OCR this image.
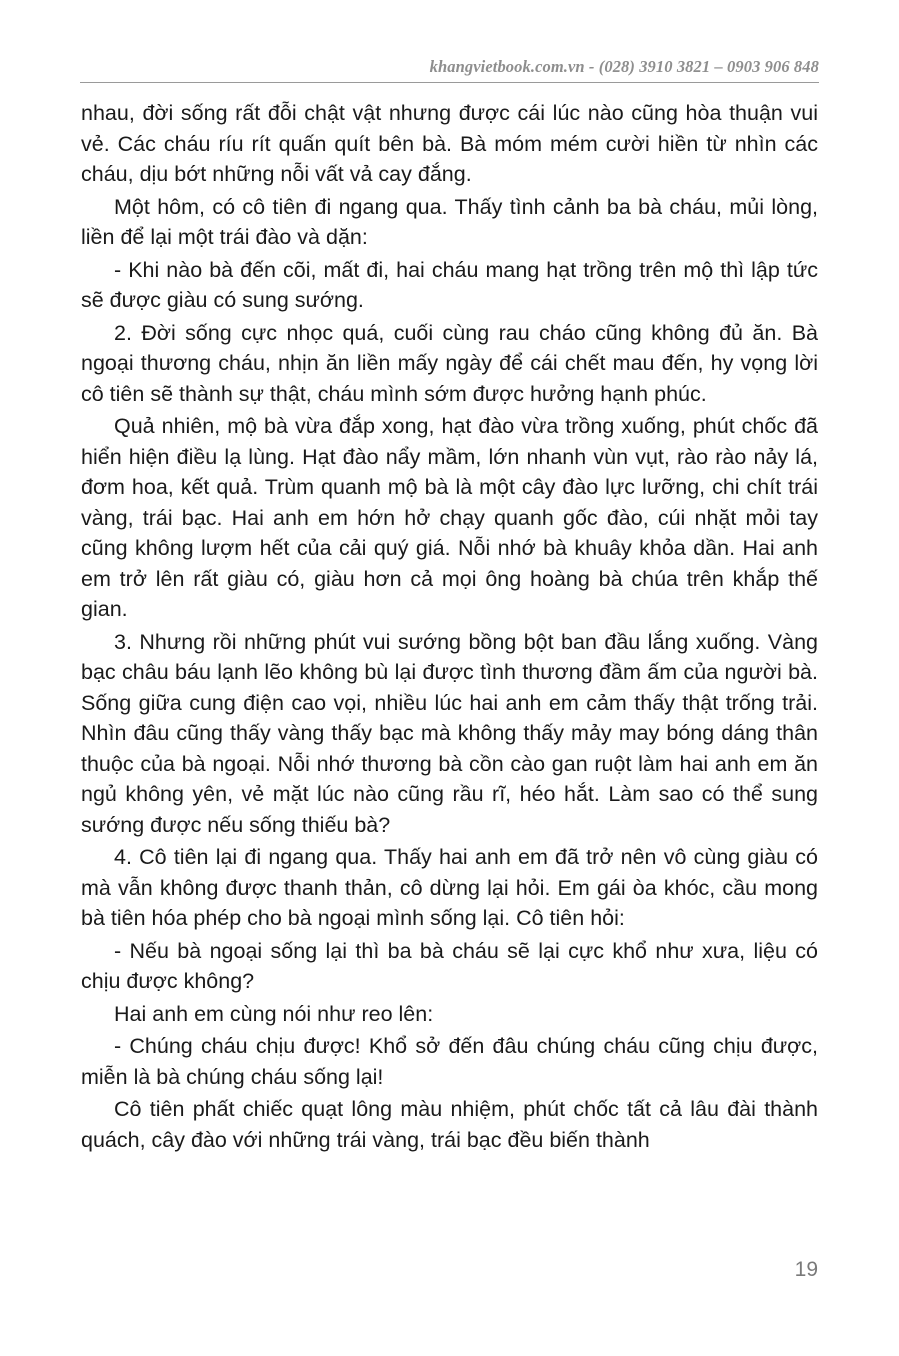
khangvietbook.com.vn - (028) 3910 3821 – 0903 906 848

nhau, đời sống rất đỗi chật vật nhưng được cái lúc nào cũng hòa thuận vui vẻ. Các cháu ríu rít quấn quít bên bà. Bà móm mém cười hiền từ nhìn các cháu, dịu bớt những nỗi vất vả cay đắng.

Một hôm, có cô tiên đi ngang qua. Thấy tình cảnh ba bà cháu, mủi lòng, liền để lại một trái đào và dặn:

- Khi nào bà đến cõi, mất đi, hai cháu mang hạt trồng trên mộ thì lập tức sẽ được giàu có sung sướng.

2. Đời sống cực nhọc quá, cuối cùng rau cháo cũng không đủ ăn. Bà ngoại thương cháu, nhịn ăn liền mấy ngày để cái chết mau đến, hy vọng lời cô tiên sẽ thành sự thật, cháu mình sớm được hưởng hạnh phúc.

Quả nhiên, mộ bà vừa đắp xong, hạt đào vừa trồng xuống, phút chốc đã hiển hiện điều lạ lùng. Hạt đào nẩy mầm, lớn nhanh vùn vụt, rào rào nảy lá, đơm hoa, kết quả. Trùm quanh mộ bà là một cây đào lực lưỡng, chi chít trái vàng, trái bạc. Hai anh em hớn hở chạy quanh gốc đào, cúi nhặt mỏi tay cũng không lượm hết của cải quý giá. Nỗi nhớ bà khuây khỏa dần. Hai anh em trở lên rất giàu có, giàu hơn cả mọi ông hoàng bà chúa trên khắp thế gian.

3. Nhưng rồi những phút vui sướng bồng bột ban đầu lắng xuống. Vàng bạc châu báu lạnh lẽo không bù lại được tình thương đầm ấm của người bà. Sống giữa cung điện cao vọi, nhiều lúc hai anh em cảm thấy thật trống trải. Nhìn đâu cũng thấy vàng thấy bạc mà không thấy mảy may bóng dáng thân thuộc của bà ngoại. Nỗi nhớ thương bà cồn cào gan ruột làm hai anh em ăn ngủ không yên, vẻ mặt lúc nào cũng rầu rĩ, héo hắt. Làm sao có thể sung sướng được nếu sống thiếu bà?

4. Cô tiên lại đi ngang qua. Thấy hai anh em đã trở nên vô cùng giàu có mà vẫn không được thanh thản, cô dừng lại hỏi. Em gái òa khóc, cầu mong bà tiên hóa phép cho bà ngoại mình sống lại. Cô tiên hỏi:

- Nếu bà ngoại sống lại thì ba bà cháu sẽ lại cực khổ như xưa, liệu có chịu được không?

Hai anh em cùng nói như reo lên:

- Chúng cháu chịu được! Khổ sở đến đâu chúng cháu cũng chịu được, miễn là bà chúng cháu sống lại!

Cô tiên phất chiếc quạt lông màu nhiệm, phút chốc tất cả lâu đài thành quách, cây đào với những trái vàng, trái bạc đều biến thành

19
